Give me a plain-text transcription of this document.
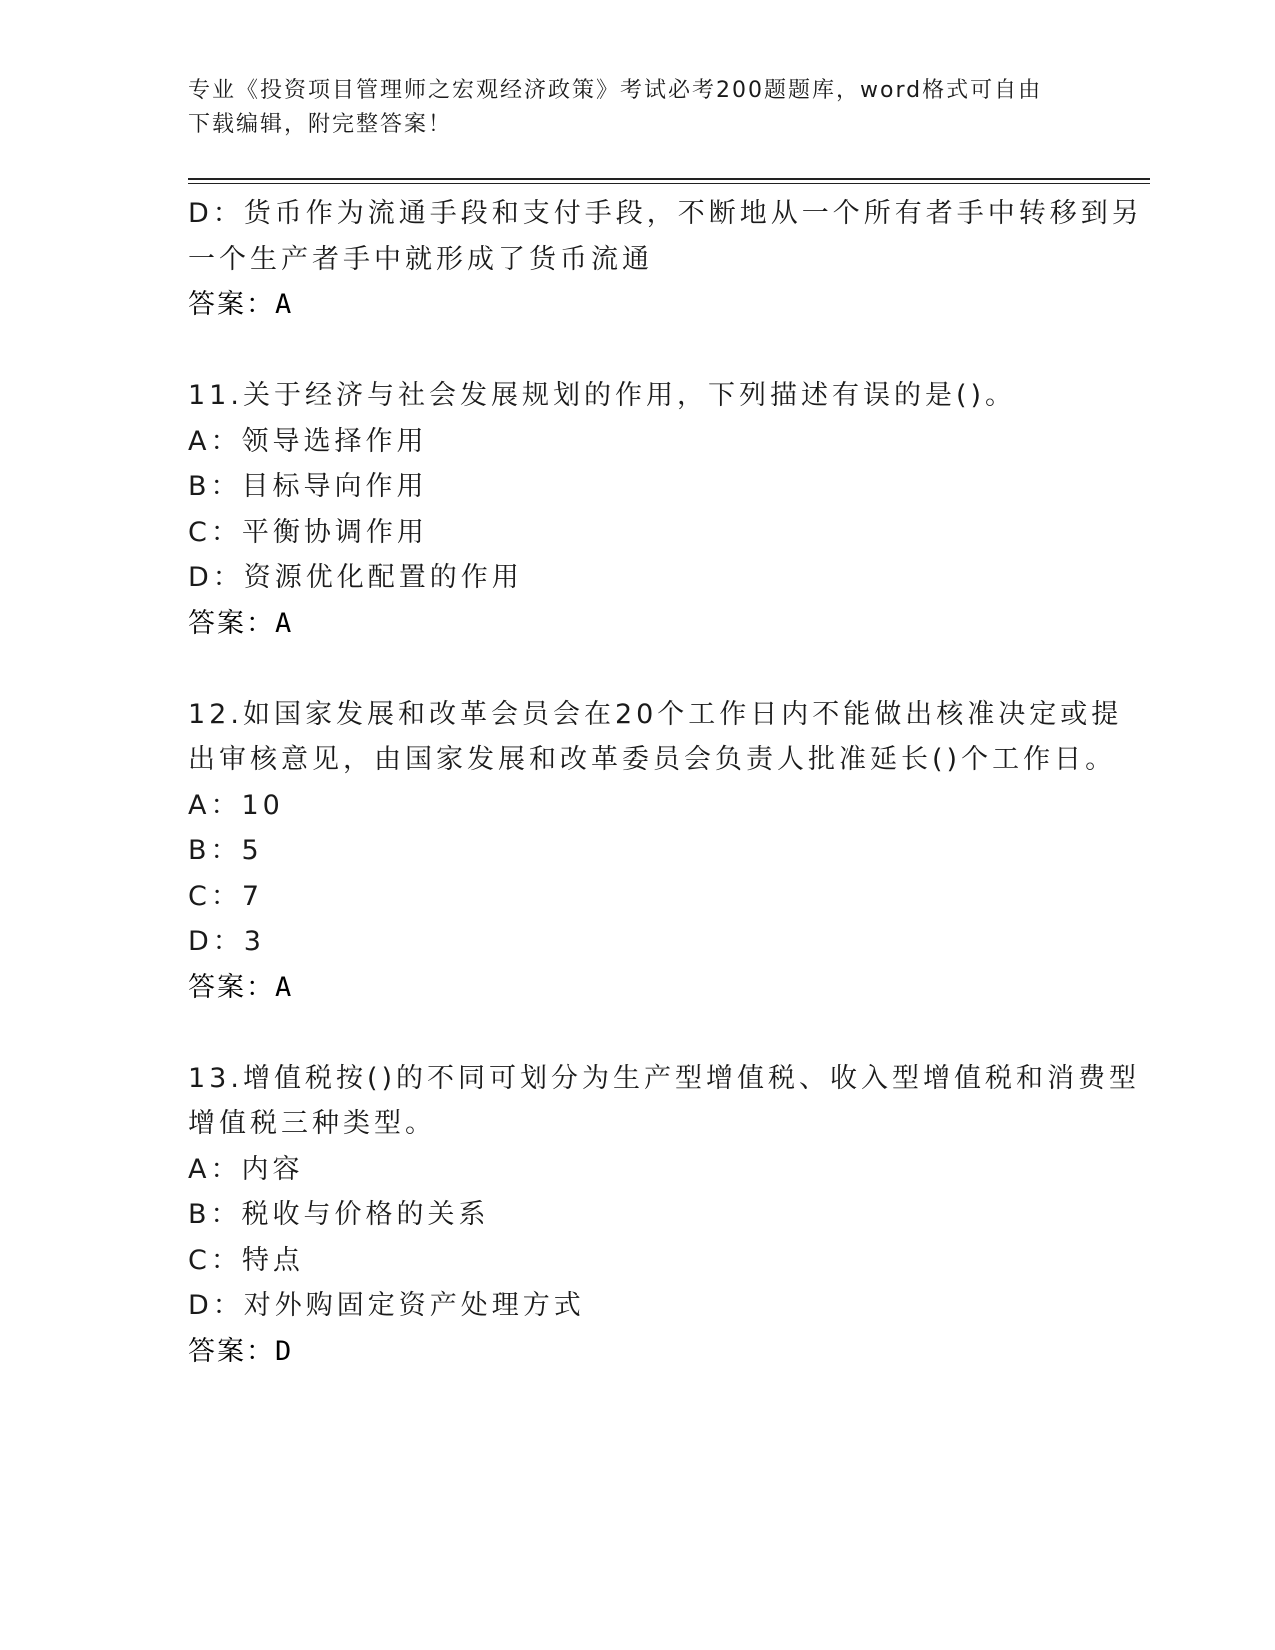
专业《投资项目管理师之宏观经济政策》考试必考200题题库，word格式可自由
下载编辑，附完整答案！
D：货币作为流通手段和支付手段，不断地从一个所有者手中转移到另
一个生产者手中就形成了货币流通
答案：A
11.关于经济与社会发展规划的作用，下列描述有误的是()。
A：领导选择作用
B：目标导向作用
C：平衡协调作用
D：资源优化配置的作用
答案：A
12.如国家发展和改革会员会在20个工作日内不能做出核准决定或提
出审核意见，由国家发展和改革委员会负责人批准延长()个工作日。
A：10
B：5
C：7
D：3
答案：A
13.增值税按()的不同可划分为生产型增值税、收入型增值税和消费型
增值税三种类型。
A：内容
B：税收与价格的关系
C：特点
D：对外购固定资产处理方式
答案：D
